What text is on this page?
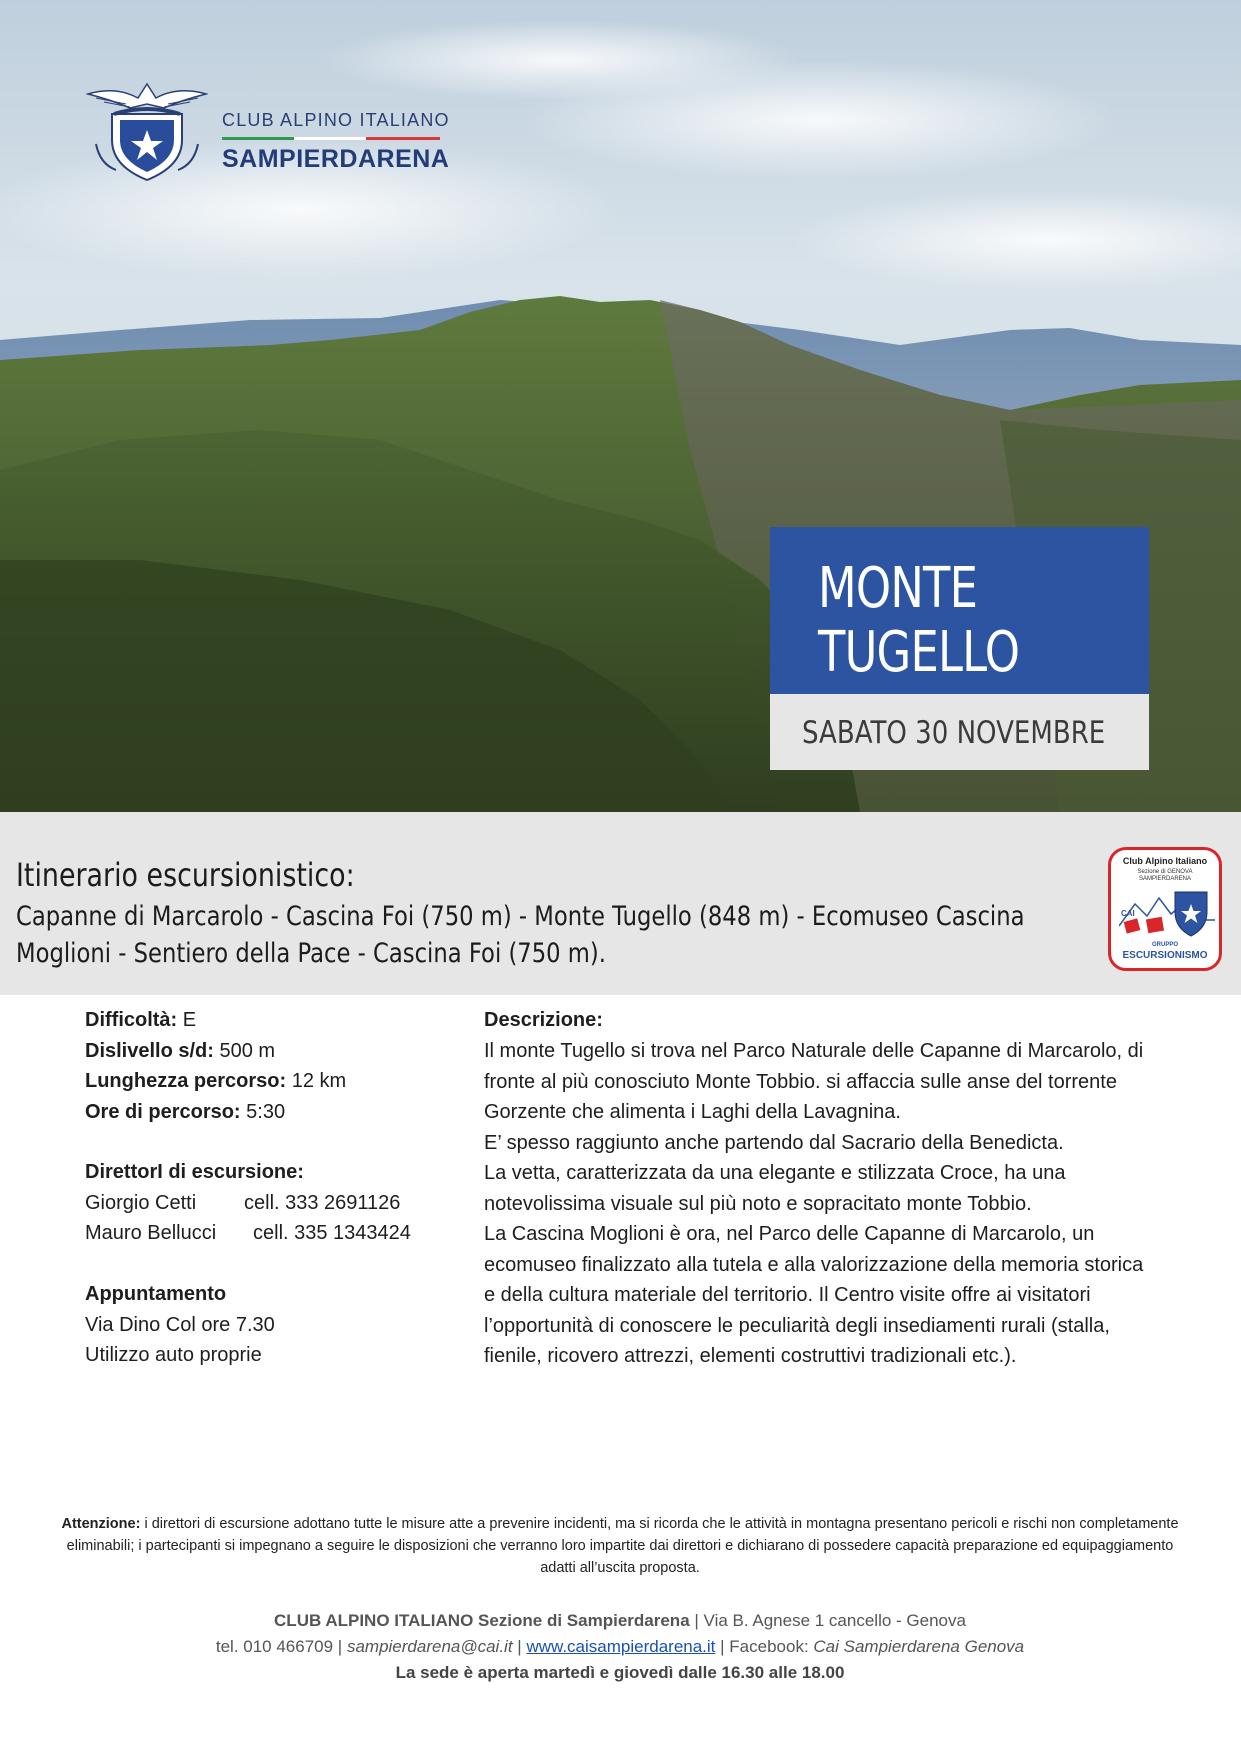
CLUB ALPINO ITALIANO
SAMPIERDARENA
MONTE
TUGELLO
SABATO 30 NOVEMBRE
Itinerario escursionistico:
Capanne di Marcarolo - Cascina Foi (750 m) - Monte Tugello (848 m) - Ecomuseo Cascina Moglioni - Sentiero della Pace - Cascina Foi (750 m).
Club Alpino Italiano
Sezione di GENOVA
SAMPIERDARENA
CAI
GRUPPO
ESCURSIONISMO
Difficoltà: E
Dislivello s/d: 500 m
Lunghezza percorso: 12 km
Ore di percorso: 5:30
DirettorI di escursione:
Giorgio Cetti cell. 333 2691126
Mauro Bellucci cell. 335 1343424
Appuntamento
Via Dino Col ore 7.30
Utilizzo auto proprie
Descrizione:
Il monte Tugello si trova nel Parco Naturale delle Capanne di Marcarolo, di fronte al più conosciuto Monte Tobbio. si affaccia sulle anse del torrente Gorzente che alimenta i Laghi della Lavagnina.
E’ spesso raggiunto anche partendo dal Sacrario della Benedicta.
La vetta, caratterizzata da una elegante e stilizzata Croce, ha una notevolissima visuale sul più noto e sopracitato monte Tobbio.
La Cascina Moglioni è ora, nel Parco delle Capanne di Marcarolo, un ecomuseo finalizzato alla tutela e alla valorizzazione della memoria storica e della cultura materiale del territorio. Il Centro visite offre ai visitatori l’opportunità di conoscere le peculiarità degli insediamenti rurali (stalla, fienile, ricovero attrezzi, elementi costruttivi tradizionali etc.).
Attenzione: i direttori di escursione adottano tutte le misure atte a prevenire incidenti, ma si ricorda che le attività in montagna presentano pericoli e rischi non completamente eliminabili; i partecipanti si impegnano a seguire le disposizioni che verranno loro impartite dai direttori e dichiarano di possedere capacità preparazione ed equipaggiamento adatti all’uscita proposta.
CLUB ALPINO ITALIANO Sezione di Sampierdarena | Via B. Agnese 1 cancello - Genova
tel. 010 466709 | sampierdarena@cai.it | www.caisampierdarena.it | Facebook: Cai Sampierdarena Genova
La sede è aperta martedì e giovedì dalle 16.30 alle 18.00
